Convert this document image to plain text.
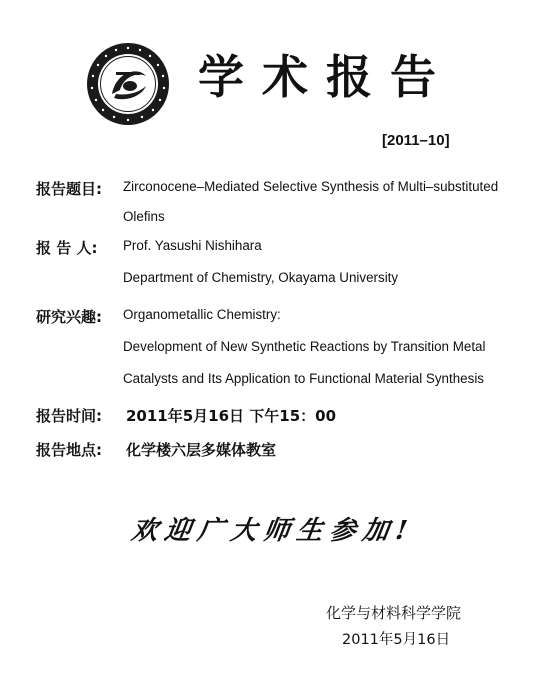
学术报告
[2011–10]
报告题目: Zirconocene–Mediated Selective Synthesis of Multi–substituted
Olefins
报 告 人: Prof. Yasushi Nishihara
Department of Chemistry, Okayama University
研究兴趣: Organometallic Chemistry:
Development of New Synthetic Reactions by Transition Metal
Catalysts and Its Application to Functional Material Synthesis
报告时间: 2011年5月16日 下午15：00
报告地点: 化学楼六层多媒体教室
欢迎广大师生参加!
化学与材料科学学院
2011年5月16日
